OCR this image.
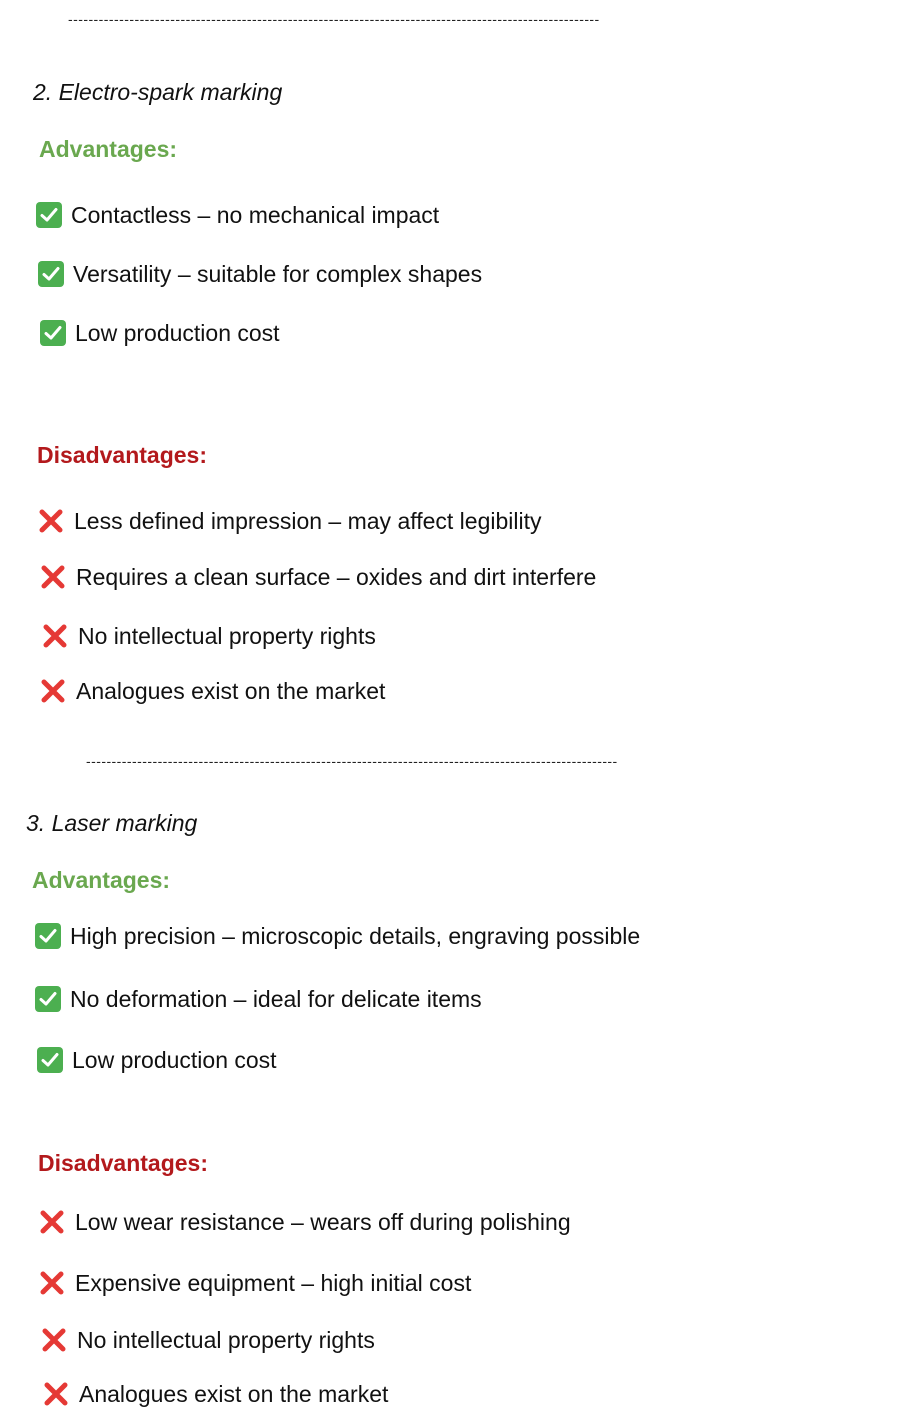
--------------------------------------------------------------------------------------------------------
2. Electro-spark marking
Advantages:
Contactless – no mechanical impact
Versatility – suitable for complex shapes
Low production cost
Disadvantages:
Less defined impression – may affect legibility
Requires a clean surface – oxides and dirt interfere
No intellectual property rights
Analogues exist on the market
--------------------------------------------------------------------------------------------------------
3. Laser marking
Advantages:
High precision – microscopic details, engraving possible
No deformation – ideal for delicate items
Low production cost
Disadvantages:
Low wear resistance – wears off during polishing
Expensive equipment – high initial cost
No intellectual property rights
Analogues exist on the market
